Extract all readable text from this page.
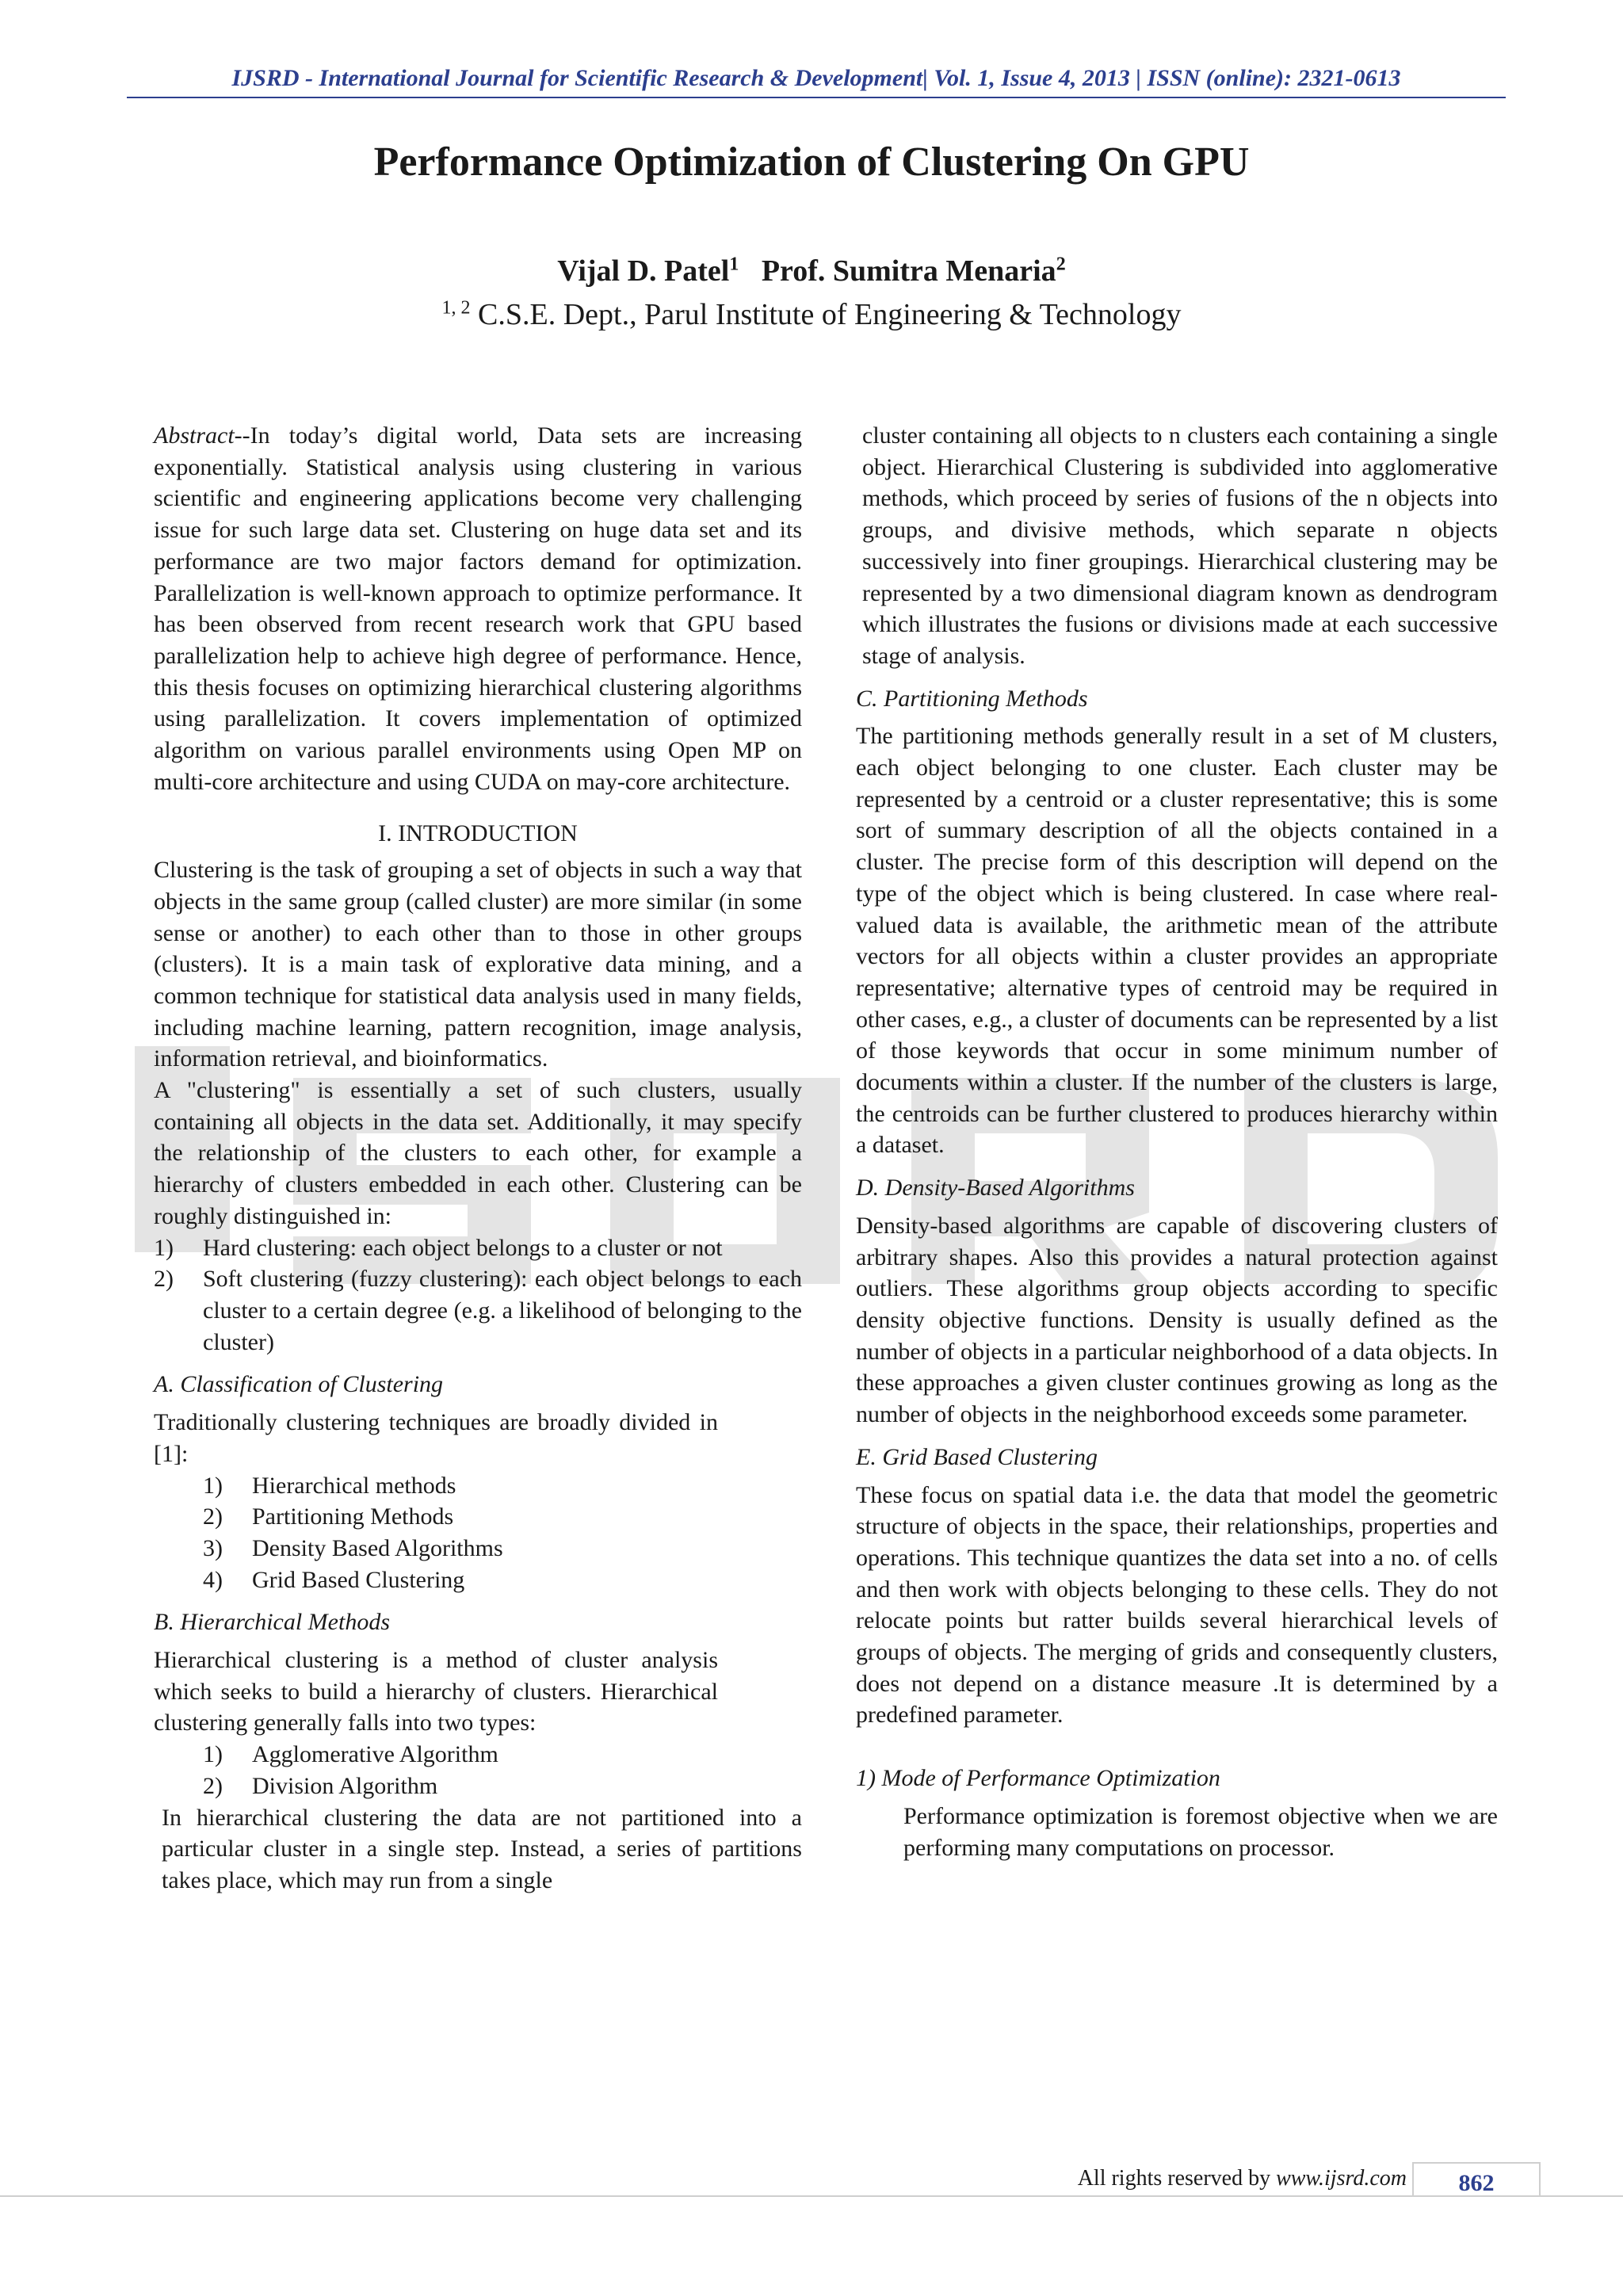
IJSRD - International Journal for Scientific Research & Development| Vol. 1, Issue 4, 2013 | ISSN (online): 2321-0613
Performance Optimization of Clustering On GPU
Vijal D. Patel$^1$ Prof. Sumitra Menaria$^2$
$^{1, 2}$ C.S.E. Dept., Parul Institute of Engineering & Technology

Abstract--In today’s digital world, Data sets are increasing exponentially. Statistical analysis using clustering in various scientific and engineering applications become very challenging issue for such large data set. Clustering on huge data set and its performance are two major factors demand for optimization. Parallelization is well-known approach to optimize performance. It has been observed from recent research work that GPU based parallelization help to achieve high degree of performance. Hence, this thesis focuses on optimizing hierarchical clustering algorithms using parallelization. It covers implementation of optimized algorithm on various parallel environments using Open MP on multi-core architecture and using CUDA on may-core architecture.

I. INTRODUCTION

Clustering is the task of grouping a set of objects in such a way that objects in the same group (called cluster) are more similar (in some sense or another) to each other than to those in other groups (clusters). It is a main task of explorative data mining, and a common technique for statistical data analysis used in many fields, including machine learning, pattern recognition, image analysis, information retrieval, and bioinformatics.

A "clustering" is essentially a set of such clusters, usually containing all objects in the data set. Additionally, it may specify the relationship of the clusters to each other, for example a hierarchy of clusters embedded in each other. Clustering can be roughly distinguished in:

1) Hard clustering: each object belongs to a cluster or not
2) Soft clustering (fuzzy clustering): each object belongs to each cluster to a certain degree (e.g. a likelihood of belonging to the cluster)
A. Classification of Clustering

Traditionally clustering techniques are broadly divided in [1]:

1) Hierarchical methods
2) Partitioning Methods
3) Density Based Algorithms
4) Grid Based Clustering
B. Hierarchical Methods

Hierarchical clustering is a method of cluster analysis which seeks to build a hierarchy of clusters. Hierarchical clustering generally falls into two types:

1) Agglomerative Algorithm
2) Division Algorithm

In hierarchical clustering the data are not partitioned into a particular cluster in a single step. Instead, a series of partitions takes place, which may run from a single

cluster containing all objects to n clusters each containing a single object. Hierarchical Clustering is subdivided into agglomerative methods, which proceed by series of fusions of the n objects into groups, and divisive methods, which separate n objects successively into finer groupings. Hierarchical clustering may be represented by a two dimensional diagram known as dendrogram which illustrates the fusions or divisions made at each successive stage of analysis.

C. Partitioning Methods

The partitioning methods generally result in a set of M clusters, each object belonging to one cluster. Each cluster may be represented by a centroid or a cluster representative; this is some sort of summary description of all the objects contained in a cluster. The precise form of this description will depend on the type of the object which is being clustered. In case where real-valued data is available, the arithmetic mean of the attribute vectors for all objects within a cluster provides an appropriate representative; alternative types of centroid may be required in other cases, e.g., a cluster of documents can be represented by a list of those keywords that occur in some minimum number of documents within a cluster. If the number of the clusters is large, the centroids can be further clustered to produces hierarchy within a dataset.

D. Density-Based Algorithms

Density-based algorithms are capable of discovering clusters of arbitrary shapes. Also this provides a natural protection against outliers. These algorithms group objects according to specific density objective functions. Density is usually defined as the number of objects in a particular neighborhood of a data objects. In these approaches a given cluster continues growing as long as the number of objects in the neighborhood exceeds some parameter.

E. Grid Based Clustering

These focus on spatial data i.e. the data that model the geometric structure of objects in the space, their relationships, properties and operations. This technique quantizes the data set into a no. of cells and then work with objects belonging to these cells. They do not relocate points but ratter builds several hierarchical levels of groups of objects. The merging of grids and consequently clusters, does not depend on a distance measure .It is determined by a predefined parameter.

1) Mode of Performance Optimization

Performance optimization is foremost objective when we are performing many computations on processor.

All rights reserved by www.ijsrd.com	862
